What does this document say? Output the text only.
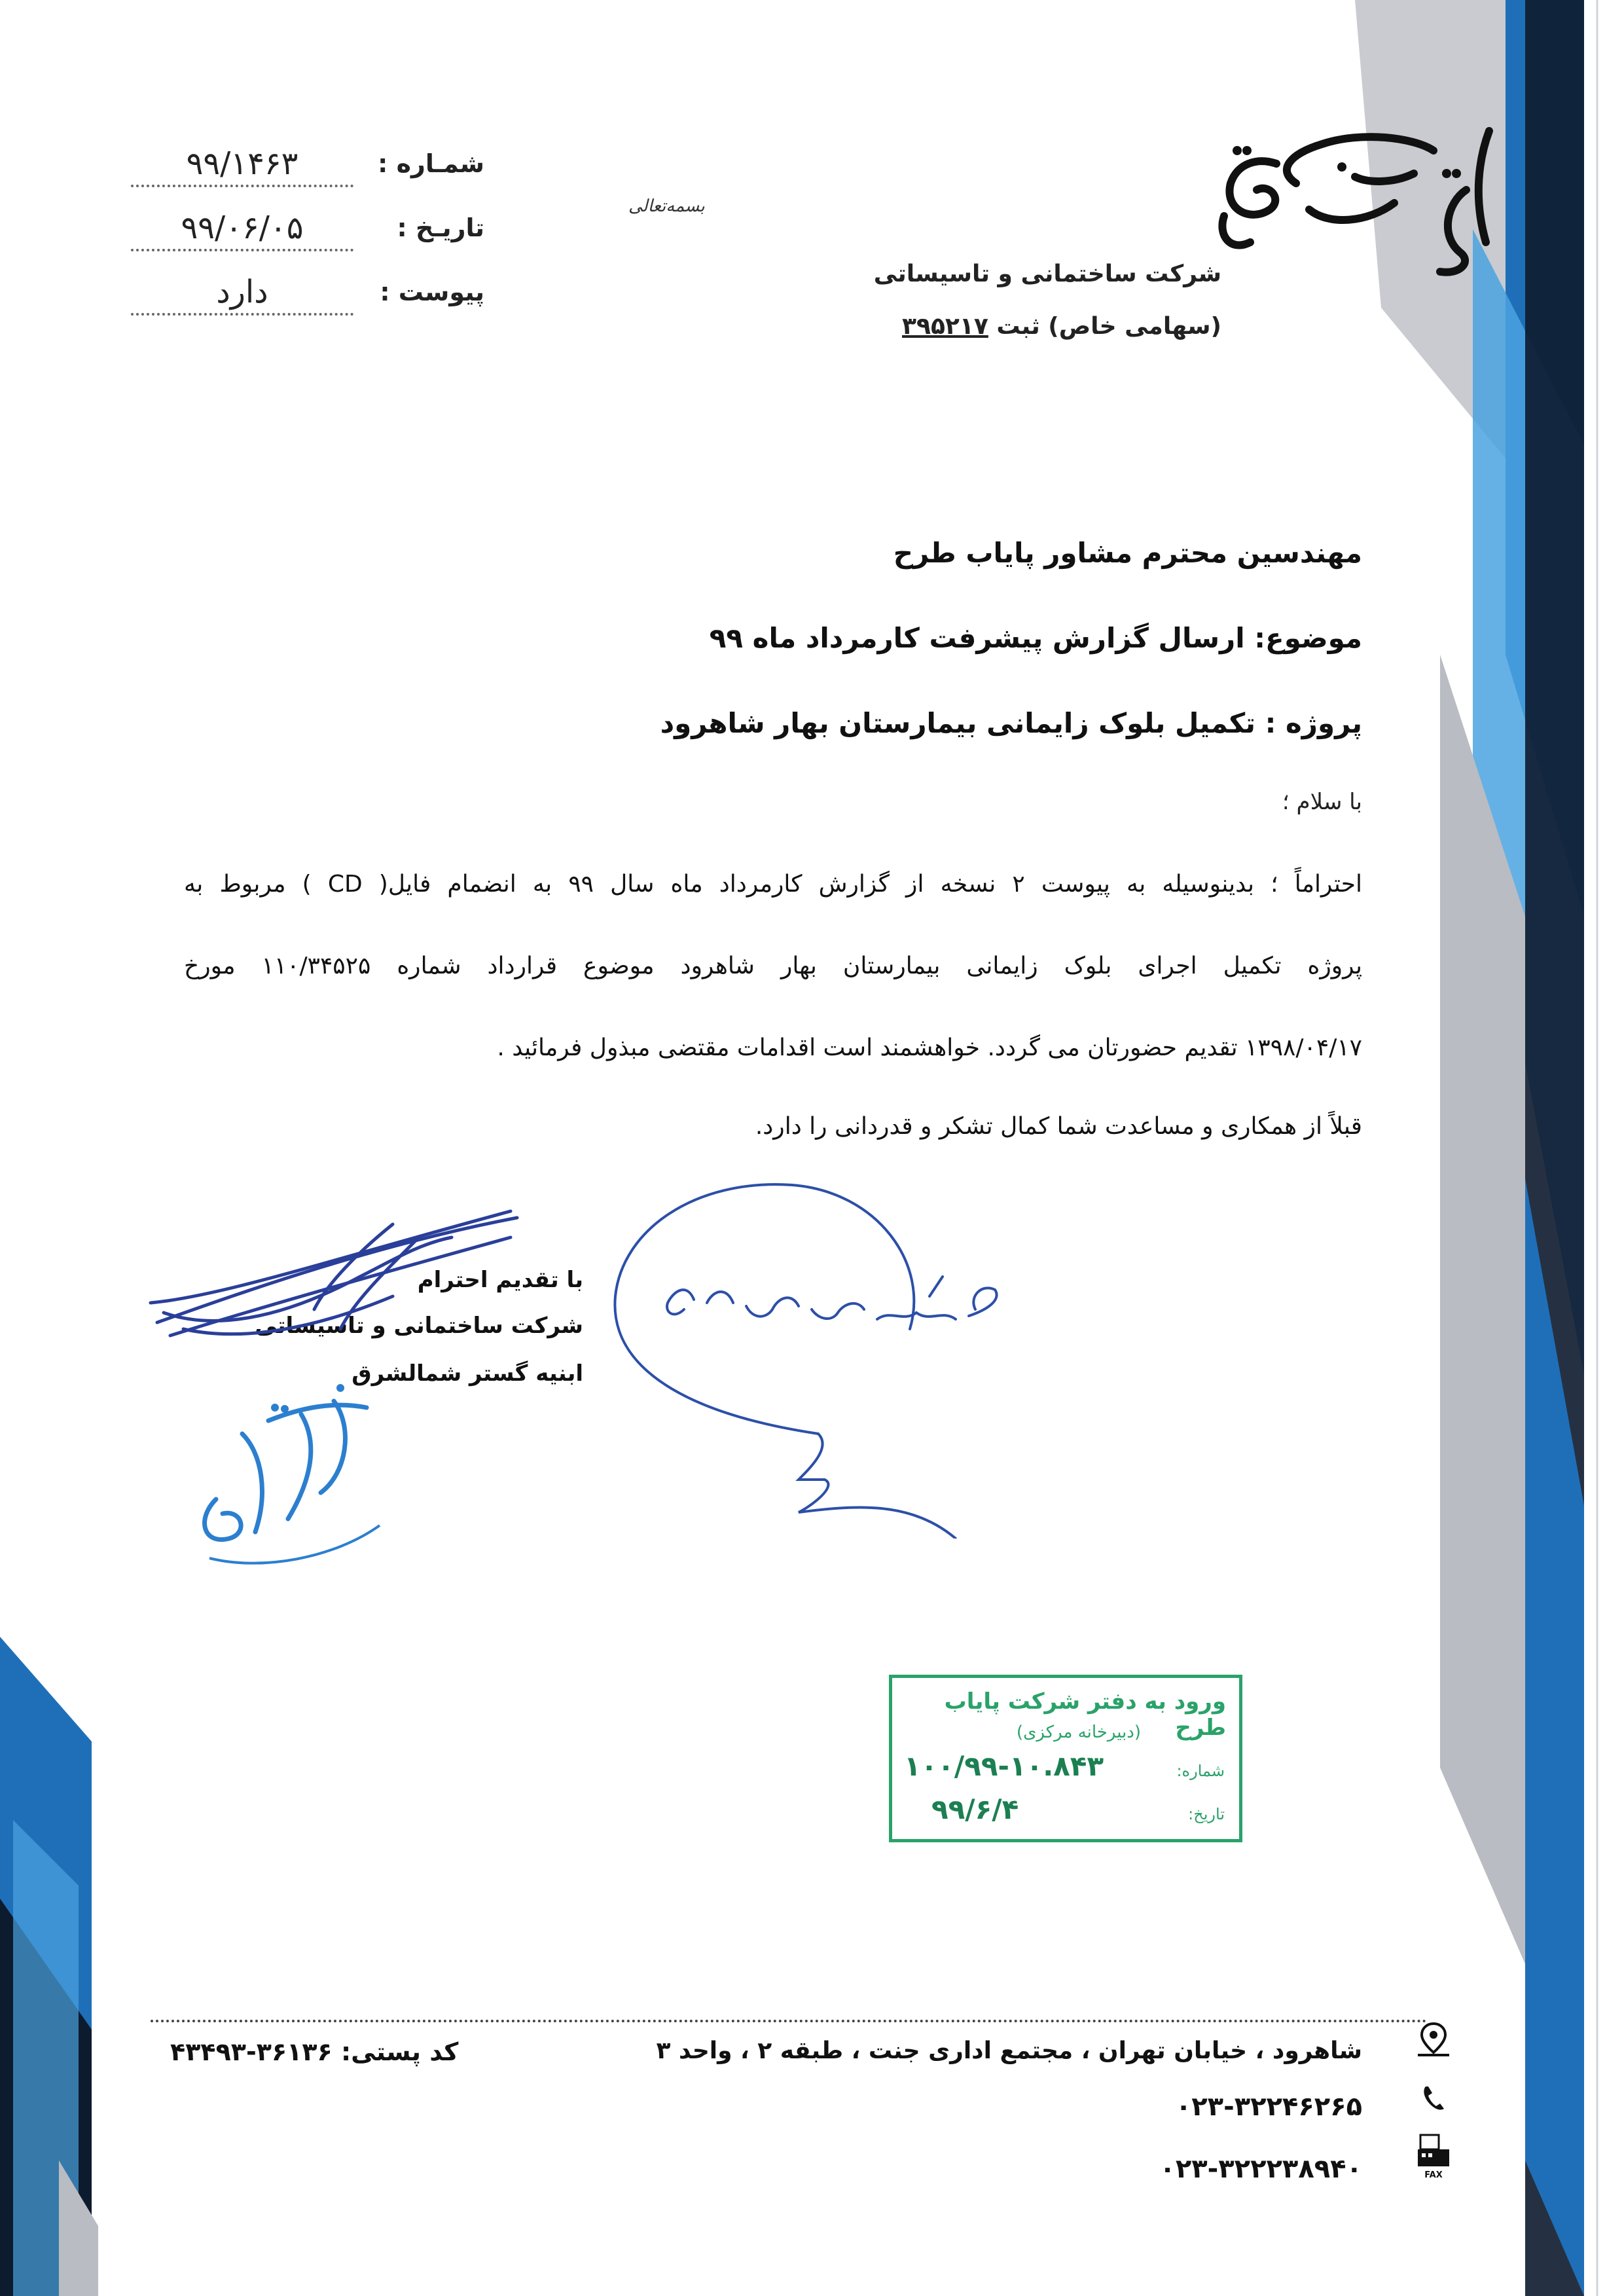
شمـاره :
۹۹/۱۴۶۳
تاریـخ :
۹۹/۰۶/۰۵
پیوست :
دارد
بسمه‌تعالی
شرکت ساختمانی و تاسیساتی
(سهامی خاص) ثبت ۳۹۵۲۱۷
مهندسین محترم مشاور پایاب طرح
موضوع: ارسال گزارش پیشرفت کارمرداد ماه ۹۹
پروژه : تکمیل بلوک زایمانی بیمارستان بهار شاهرود
با سلام ؛
احتراماً ؛ بدینوسیله به پیوست ۲ نسخه از گزارش کارمرداد ماه سال ۹۹ به انضمام فایل( CD ) مربوط به
پروژه تکمیل اجرای بلوک زایمانی بیمارستان بهار شاهرود موضوع قرارداد شماره ۱۱۰/۳۴۵۲۵ مورخ
۱۳۹۸/۰۴/۱۷ تقدیم حضورتان می گردد. خواهشمند است اقدامات مقتضی مبذول فرمائید .
قبلاً از همکاری و مساعدت شما کمال تشکر و قدردانی را دارد.
با تقدیم احترام
شرکت ساختمانی و تاسیساتی
ابنیه گستر شمالشرق
ورود به دفتر شرکت پایاب طرح
(دبیرخانه مرکزی)
شماره:
۱۰۰/۹۹-۱۰.۸۴۳
تاریخ:
۹۹/۶/۴
شاهرود ، خیابان تهران ، مجتمع اداری جنت ، طبقه ۲ ، واحد ۳
۰۲۳-۳۲۲۴۶۲۶۵
۰۲۳-۳۲۲۲۳۸۹۴۰
کد پستی: ۳۶۱۳۶-۴۳۴۹۳
FAX
